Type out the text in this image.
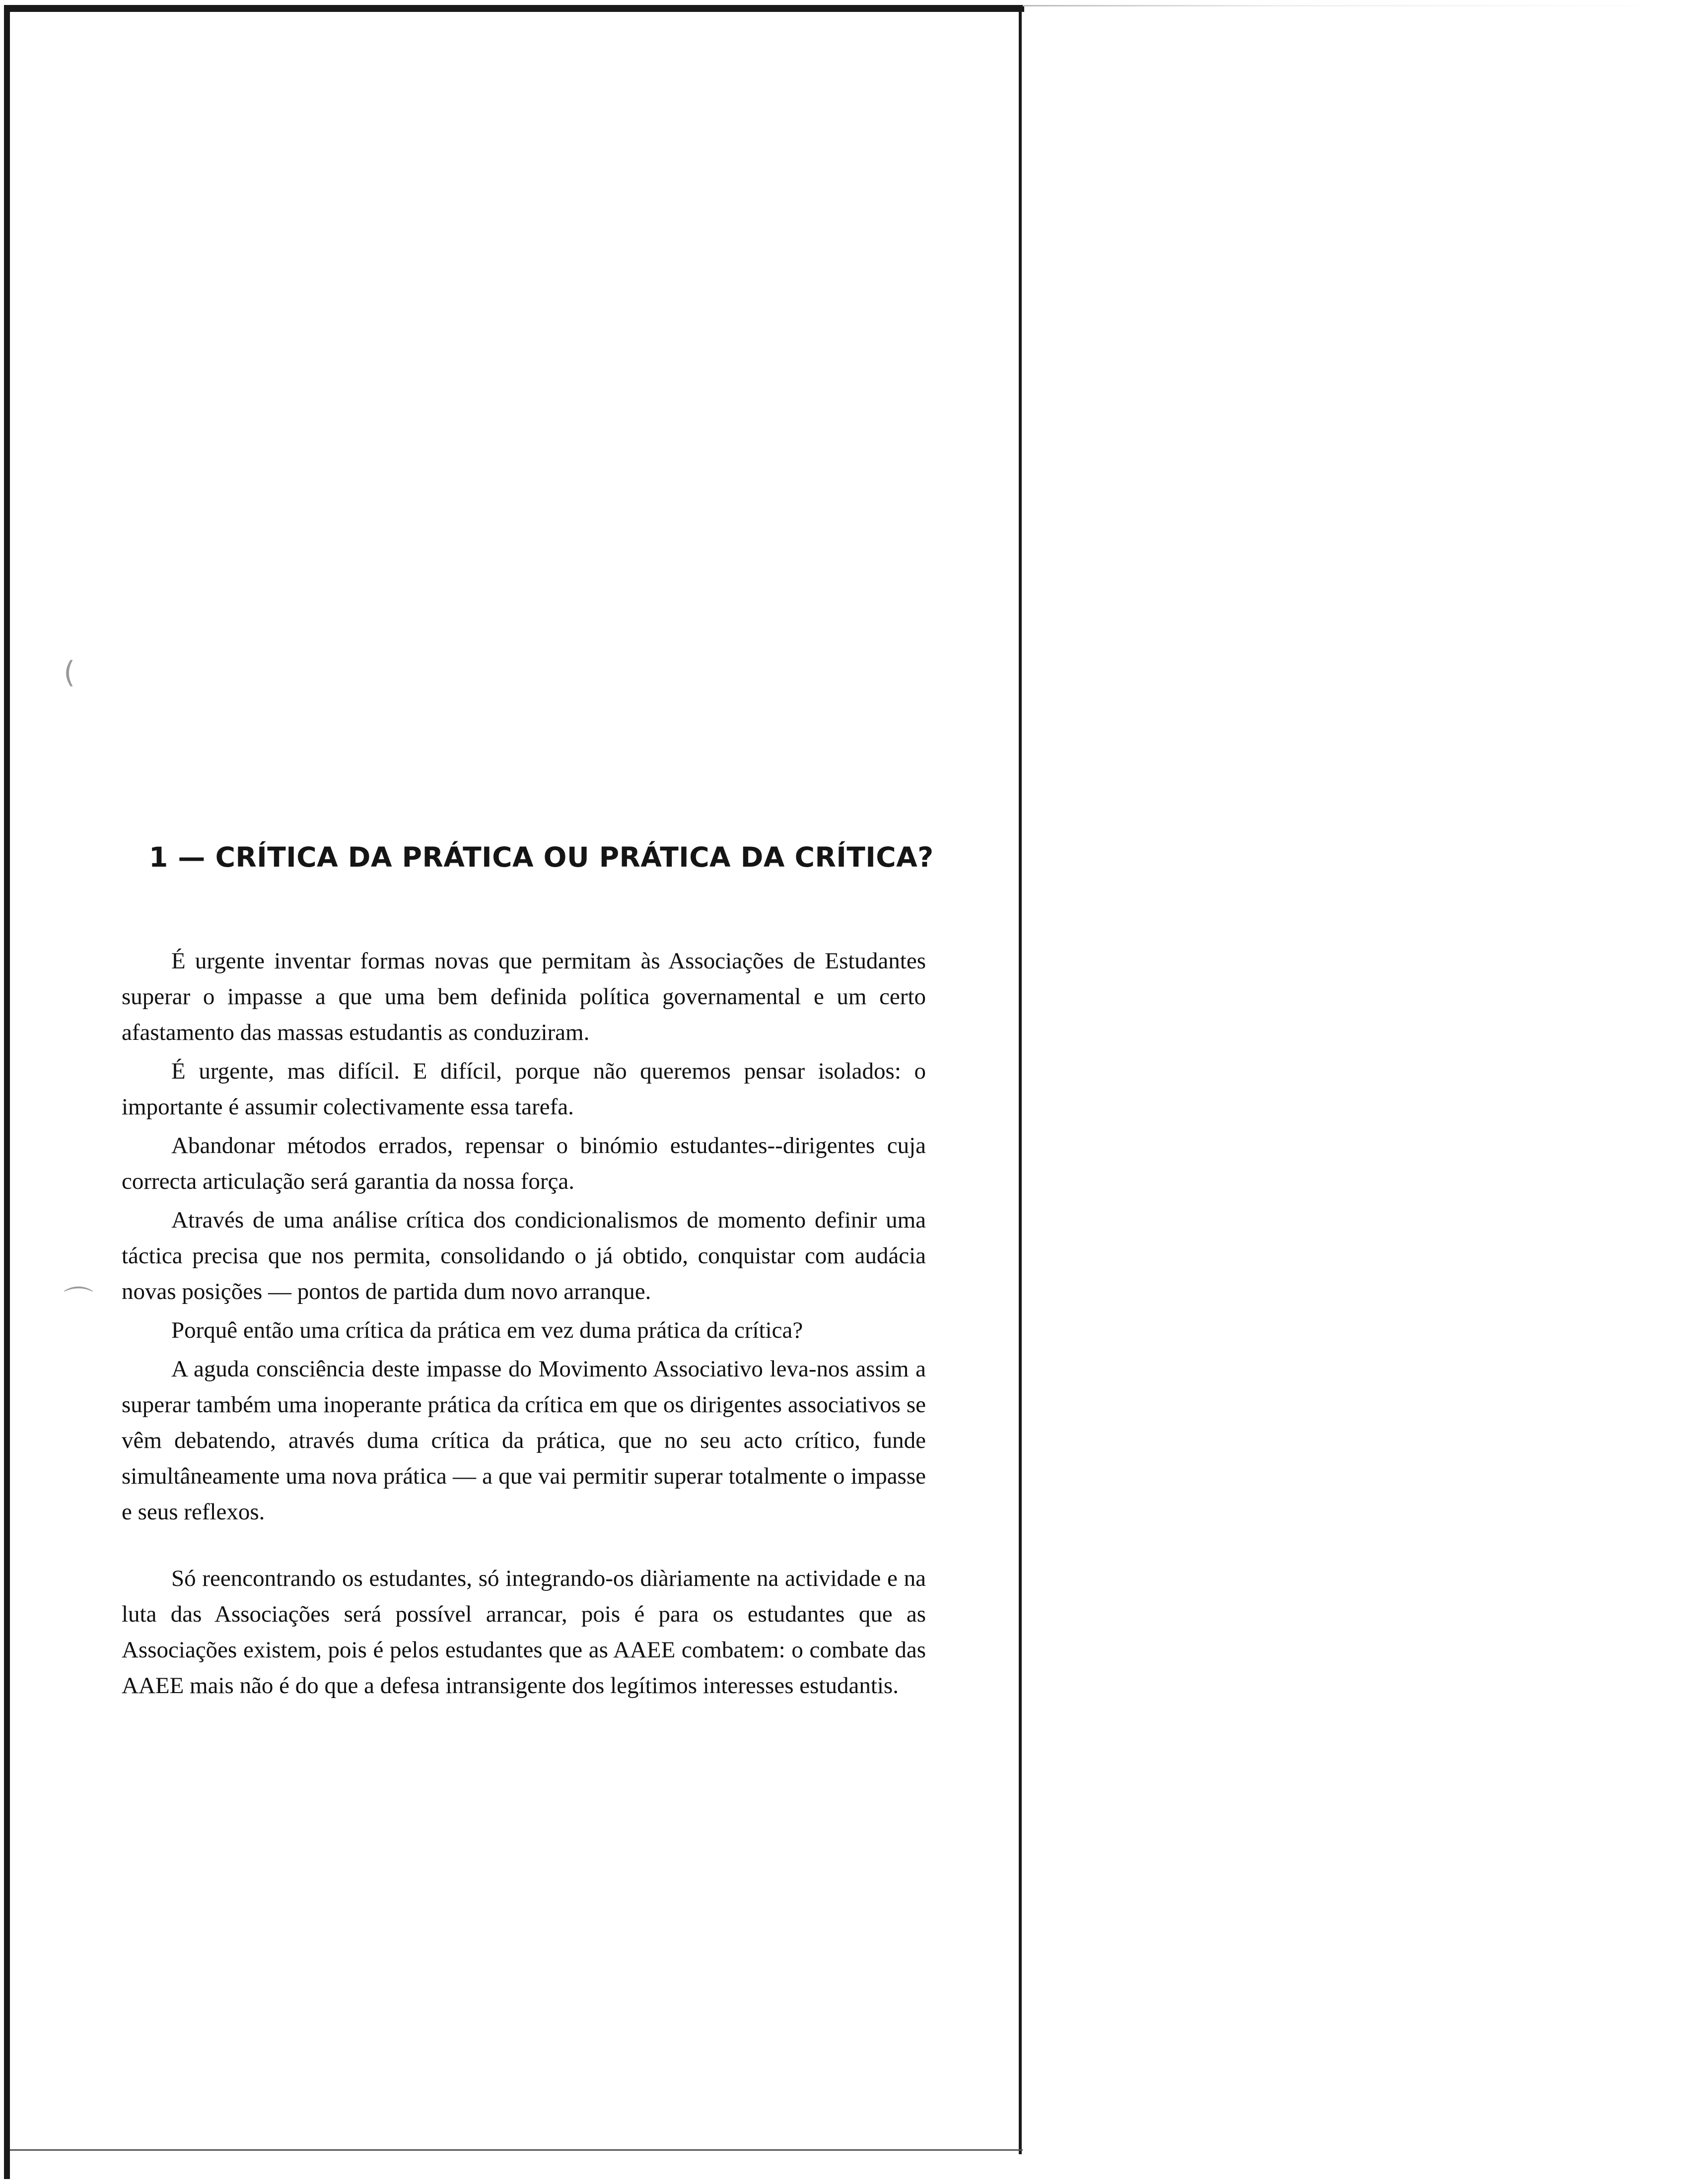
(
⌒
1 — CRÍTICA DA PRÁTICA OU PRÁTICA DA CRÍTICA?

É urgente inventar formas novas que permitam às Associações de Estudantes superar o impasse a que uma bem definida política governamental e um certo afastamento das massas estudantis as conduziram.

É urgente, mas difícil. E difícil, porque não queremos pensar isolados: o importante é assumir colectivamente essa tarefa.

Abandonar métodos errados, repensar o binómio estudantes--dirigentes cuja correcta articulação será garantia da nossa força.

Através de uma análise crítica dos condicionalismos de momento definir uma táctica precisa que nos permita, consolidando o já obtido, conquistar com audácia novas posições — pontos de partida dum novo arranque.

Porquê então uma crítica da prática em vez duma prática da crítica?

A aguda consciência deste impasse do Movimento Associativo leva-nos assim a superar também uma inoperante prática da crítica em que os dirigentes associativos se vêm debatendo, através duma crítica da prática, que no seu acto crítico, funde simultâneamente uma nova prática — a que vai permitir superar totalmente o impasse e seus reflexos.

Só reencontrando os estudantes, só integrando-os diàriamente na actividade e na luta das Associações será possível arrancar, pois é para os estudantes que as Associações existem, pois é pelos estudantes que as AAEE combatem: o combate das AAEE mais não é do que a defesa intransigente dos legítimos interesses estudantis.
